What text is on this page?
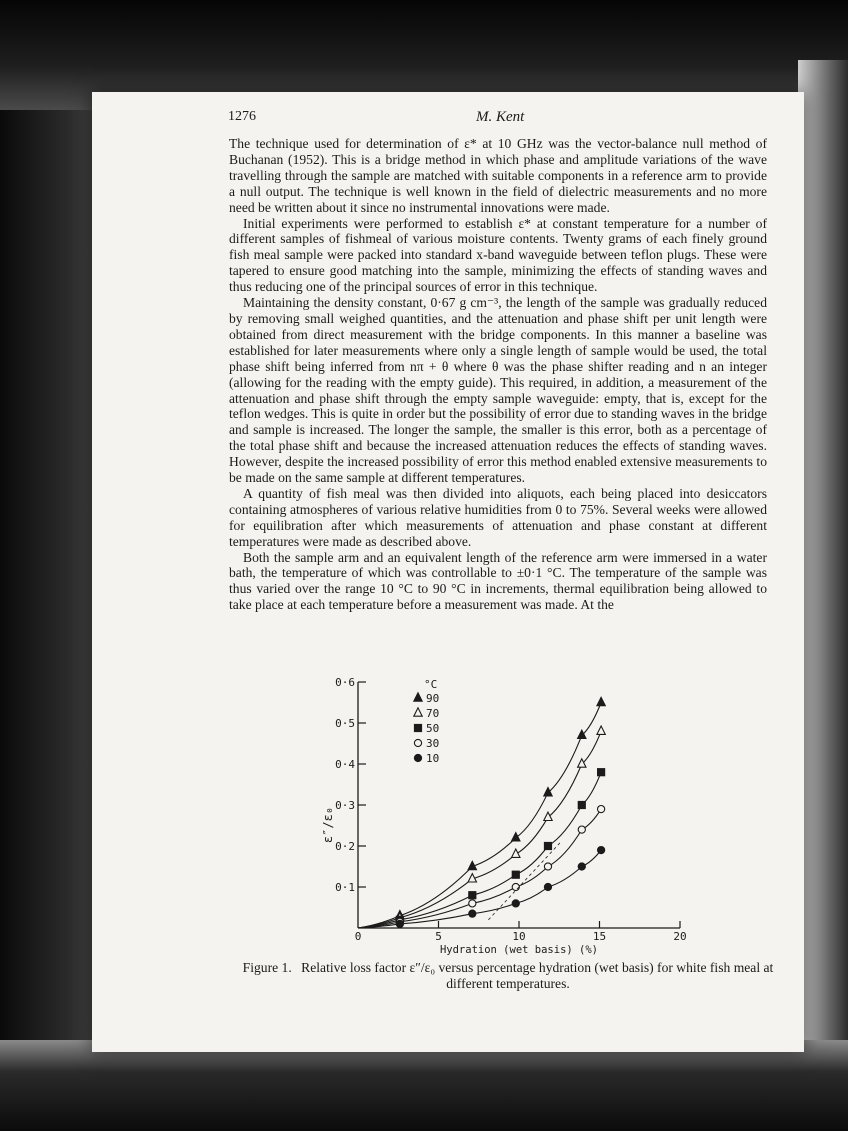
1276	M. Kent

The technique used for determination of ε* at 10 GHz was the vector-balance null method of Buchanan (1952). This is a bridge method in which phase and amplitude variations of the wave travelling through the sample are matched with suitable components in a reference arm to provide a null output. The technique is well known in the field of dielectric measurements and no more need be written about it since no instrumental innovations were made.

Initial experiments were performed to establish ε* at constant temperature for a number of different samples of fishmeal of various moisture contents. Twenty grams of each finely ground fish meal sample were packed into standard x-band waveguide between teflon plugs. These were tapered to ensure good matching into the sample, minimizing the effects of standing waves and thus reducing one of the principal sources of error in this technique.

Maintaining the density constant, 0·67 g cm⁻³, the length of the sample was gradually reduced by removing small weighed quantities, and the attenuation and phase shift per unit length were obtained from direct measurement with the bridge components. In this manner a baseline was established for later measurements where only a single length of sample would be used, the total phase shift being inferred from nπ + θ where θ was the phase shifter reading and n an integer (allowing for the reading with the empty guide). This required, in addition, a measurement of the attenuation and phase shift through the empty sample waveguide: empty, that is, except for the teflon wedges. This is quite in order but the possibility of error due to standing waves in the bridge and sample is increased. The longer the sample, the smaller is this error, both as a percentage of the total phase shift and because the increased attenuation reduces the effects of standing waves. However, despite the increased possibility of error this method enabled extensive measurements to be made on the same sample at different temperatures.

A quantity of fish meal was then divided into aliquots, each being placed into desiccators containing atmospheres of various relative humidities from 0 to 75%. Several weeks were allowed for equilibration after which measurements of attenuation and phase constant at different temperatures were made as described above.

Both the sample arm and an equivalent length of the reference arm were immersed in a water bath, the temperature of which was controllable to ±0·1 °C. The temperature of the sample was thus varied over the range 10 °C to 90 °C in increments, thermal equilibration being allowed to take place at each temperature before a measurement was made. At the

0	5	10	15	20
0·1
0·2
0·3
0·4
0·5
0·6
Hydration (wet basis) (%)
ε″/ε₀
°C
90
70
50
30
10
Figure 1. Relative loss factor ε″/ε₀ versus percentage hydration (wet basis) for white fish meal at different temperatures.
